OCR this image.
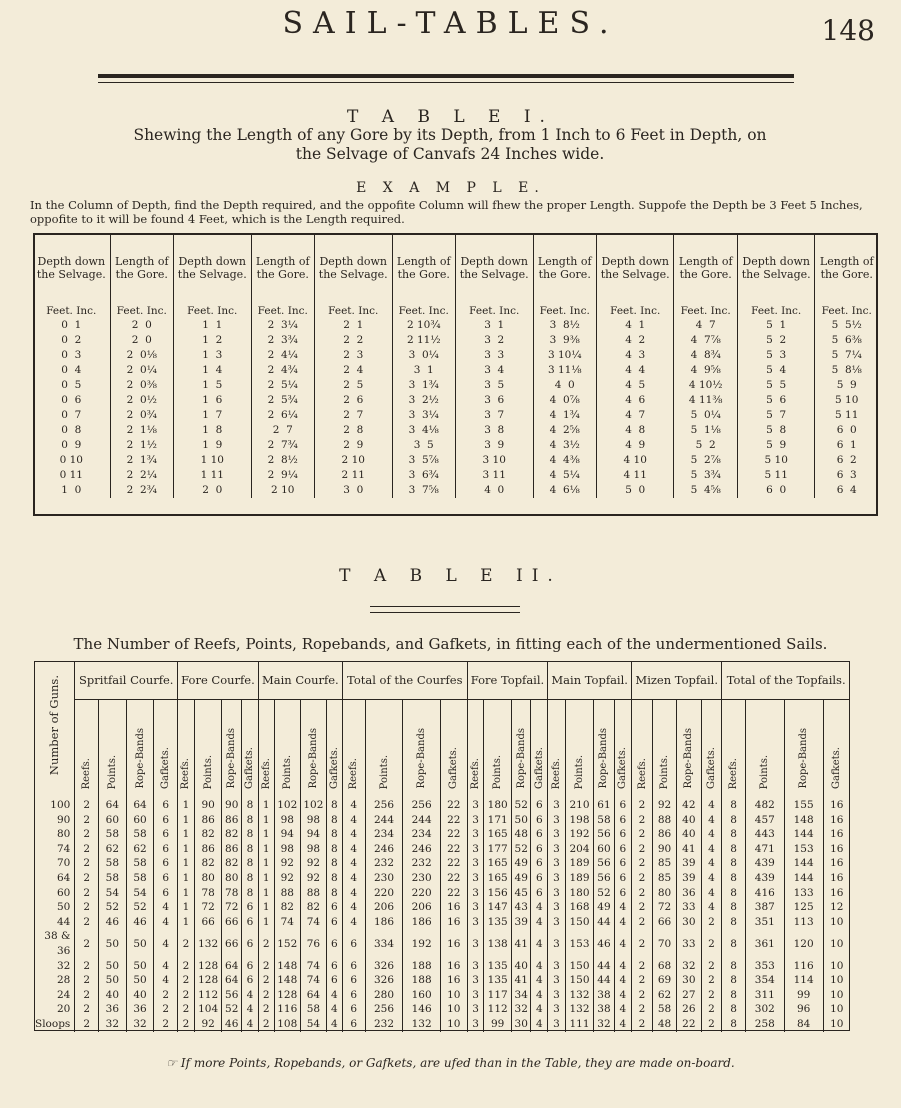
SAIL-TABLES.	148
T A B L E I.
Shewing the Length of any Gore by its Depth, from 1 Inch to 6 Feet in Depth, on the Selvage of Canvafs 24 Inches wide.
E X A M P L E.
In the Column of Depth, find the Depth required, and the oppofite Column will fhew the proper Length. Suppofe the Depth be 3 Feet 5 Inches, oppofite to it will be found 4 Feet, which is the Length required.
Depth down the Selvage.	Length of the Gore.	Depth down the Selvage.	Length of the Gore.	Depth down the Selvage.	Length of the Gore.	Depth down the Selvage.	Length of the Gore.	Depth down the Selvage.	Length of the Gore.	Depth down the Selvage.	Length of the Gore.
Feet. Inc.	Feet. Inc.	Feet. Inc.	Feet. Inc.	Feet. Inc.	Feet. Inc.	Feet. Inc.	Feet. Inc.	Feet. Inc.	Feet. Inc.	Feet. Inc.	Feet. Inc.
0  1	2  0	1  1	2  3¼	2  1	2 10¾	3  1	3  8½	4  1	4  7	5  1	5  5½
0  2	2  0	1  2	2  3¾	2  2	2 11½	3  2	3  9⅜	4  2	4  7⅞	5  2	5  6⅜
0  3	2  0⅛	1  3	2  4¼	2  3	3  0¼	3  3	3 10¼	4  3	4  8¾	5  3	5  7¼
0  4	2  0¼	1  4	2  4¾	2  4	3  1	3  4	3 11⅛	4  4	4  9⅝	5  4	5  8⅛
0  5	2  0⅜	1  5	2  5¼	2  5	3  1¾	3  5	4  0	4  5	4 10½	5  5	5  9
0  6	2  0½	1  6	2  5¾	2  6	3  2½	3  6	4  0⅞	4  6	4 11⅜	5  6	5 10
0  7	2  0¾	1  7	2  6¼	2  7	3  3¼	3  7	4  1¾	4  7	5  0¼	5  7	5 11
0  8	2  1⅛	1  8	2  7	2  8	3  4⅛	3  8	4  2⅝	4  8	5  1⅛	5  8	6  0
0  9	2  1½	1  9	2  7¾	2  9	3  5	3  9	4  3½	4  9	5  2	5  9	6  1
0 10	2  1¾	1 10	2  8½	2 10	3  5⅞	3 10	4  4⅜	4 10	5  2⅞	5 10	6  2
0 11	2  2¼	1 11	2  9¼	2 11	3  6¾	3 11	4  5¼	4 11	5  3¾	5 11	6  3
1  0	2  2¾	2  0	2 10	3  0	3  7⅝	4  0	4  6⅛	5  0	5  4⅝	6  0	6  4
T A B L E II.
The Number of Reefs, Points, Ropebands, and Gafkets, in fitting each of the undermentioned Sails.
Number of Guns.	Spritfail Courfe.				Fore Courfe.				Main Courfe.				Total of the Courfes				Fore Topfail.				Main Topfail.				Mizen Topfail.				Total of the Topfails.			
	Reefs.	Points.	Rope-Bands	Gafkets.	Reefs.	Points.	Rope-Bands	Gafkets.	Reefs.	Points.	Rope-Bands	Gafkets.	Reefs.	Points.	Rope-Bands	Gafkets.	Reefs.	Points.	Rope-Bands	Gafkets.	Reefs.	Points.	Rope-Bands	Gafkets.	Reefs.	Points.	Rope-Bands	Gafkets.	Reefs.	Points.	Rope-Bands	Gafkets.
100	2	64	64	6	1	90	90	8	1	102	102	8	4	256	256	22	3	180	52	6	3	210	61	6	2	92	42	4	8	482	155	16
90	2	60	60	6	1	86	86	8	1	98	98	8	4	244	244	22	3	171	50	6	3	198	58	6	2	88	40	4	8	457	148	16
80	2	58	58	6	1	82	82	8	1	94	94	8	4	234	234	22	3	165	48	6	3	192	56	6	2	86	40	4	8	443	144	16
74	2	62	62	6	1	86	86	8	1	98	98	8	4	246	246	22	3	177	52	6	3	204	60	6	2	90	41	4	8	471	153	16
70	2	58	58	6	1	82	82	8	1	92	92	8	4	232	232	22	3	165	49	6	3	189	56	6	2	85	39	4	8	439	144	16
64	2	58	58	6	1	80	80	8	1	92	92	8	4	230	230	22	3	165	49	6	3	189	56	6	2	85	39	4	8	439	144	16
60	2	54	54	6	1	78	78	8	1	88	88	8	4	220	220	22	3	156	45	6	3	180	52	6	2	80	36	4	8	416	133	16
50	2	52	52	4	1	72	72	6	1	82	82	6	4	206	206	16	3	147	43	4	3	168	49	4	2	72	33	4	8	387	125	12
44	2	46	46	4	1	66	66	6	1	74	74	6	4	186	186	16	3	135	39	4	3	150	44	4	2	66	30	2	8	351	113	10
38 & 36	2	50	50	4	2	132	66	6	2	152	76	6	6	334	192	16	3	138	41	4	3	153	46	4	2	70	33	2	8	361	120	10
32	2	50	50	4	2	128	64	6	2	148	74	6	6	326	188	16	3	135	40	4	3	150	44	4	2	68	32	2	8	353	116	10
28	2	50	50	4	2	128	64	6	2	148	74	6	6	326	188	16	3	135	41	4	3	150	44	4	2	69	30	2	8	354	114	10
24	2	40	40	2	2	112	56	4	2	128	64	4	6	280	160	10	3	117	34	4	3	132	38	4	2	62	27	2	8	311	99	10
20	2	36	36	2	2	104	52	4	2	116	58	4	6	256	146	10	3	112	32	4	3	132	38	4	2	58	26	2	8	302	96	10
Sloops	2	32	32	2	2	92	46	4	2	108	54	4	6	232	132	10	3	99	30	4	3	111	32	4	2	48	22	2	8	258	84	10
☞ If more Points, Ropebands, or Gafkets, are ufed than in the Table, they are made on-board.
